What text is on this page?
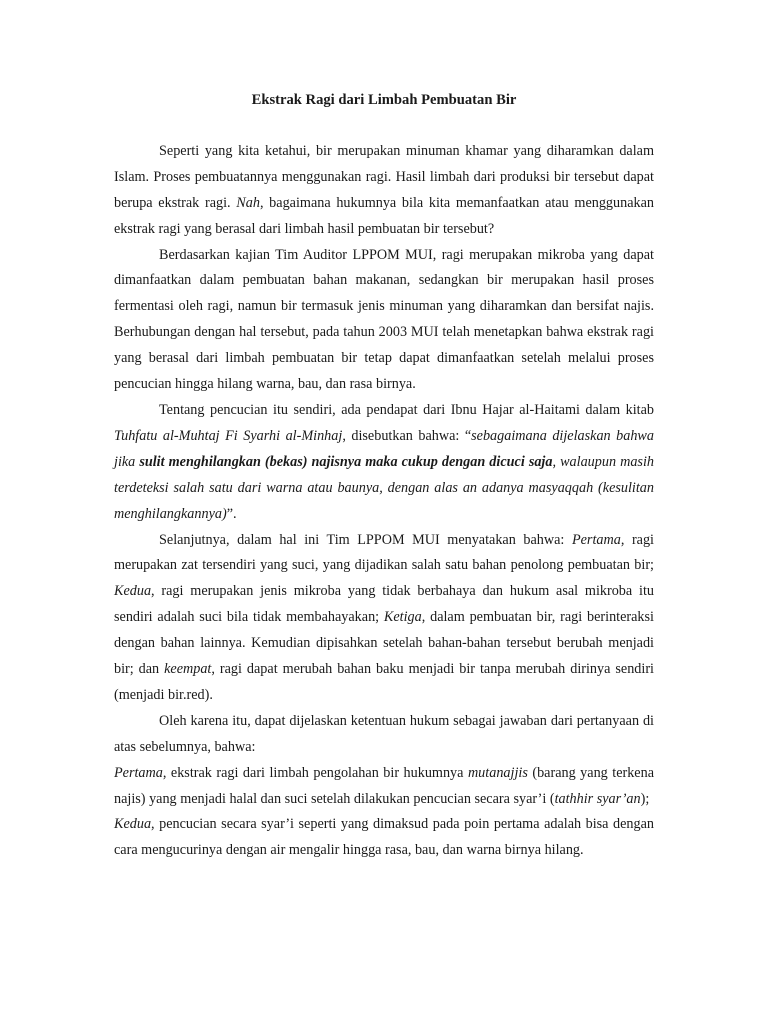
Ekstrak Ragi dari Limbah Pembuatan Bir

Seperti yang kita ketahui, bir merupakan minuman khamar yang diharamkan dalam Islam. Proses pembuatannya menggunakan ragi. Hasil limbah dari produksi bir tersebut dapat berupa ekstrak ragi. Nah, bagaimana hukumnya bila kita memanfaatkan atau menggunakan ekstrak ragi yang berasal dari limbah hasil pembuatan bir tersebut?

Berdasarkan kajian Tim Auditor LPPOM MUI, ragi merupakan mikroba yang dapat dimanfaatkan dalam pembuatan bahan makanan, sedangkan bir merupakan hasil proses fermentasi oleh ragi, namun bir termasuk jenis minuman yang diharamkan dan bersifat najis. Berhubungan dengan hal tersebut, pada tahun 2003 MUI telah menetapkan bahwa ekstrak ragi yang berasal dari limbah pembuatan bir tetap dapat dimanfaatkan setelah melalui proses pencucian hingga hilang warna, bau, dan rasa birnya.

Tentang pencucian itu sendiri, ada pendapat dari Ibnu Hajar al-Haitami dalam kitab Tuhfatu al-Muhtaj Fi Syarhi al-Minhaj, disebutkan bahwa: “sebagaimana dijelaskan bahwa jika sulit menghilangkan (bekas) najisnya maka cukup dengan dicuci saja, walaupun masih terdeteksi salah satu dari warna atau baunya, dengan alas an adanya masyaqqah (kesulitan menghilangkannya)”.

Selanjutnya, dalam hal ini Tim LPPOM MUI menyatakan bahwa: Pertama, ragi merupakan zat tersendiri yang suci, yang dijadikan salah satu bahan penolong pembuatan bir; Kedua, ragi merupakan jenis mikroba yang tidak berbahaya dan hukum asal mikroba itu sendiri adalah suci bila tidak membahayakan; Ketiga, dalam pembuatan bir, ragi berinteraksi dengan bahan lainnya. Kemudian dipisahkan setelah bahan-bahan tersebut berubah menjadi bir; dan keempat, ragi dapat merubah bahan baku menjadi bir tanpa merubah dirinya sendiri (menjadi bir.red).

Oleh karena itu, dapat dijelaskan ketentuan hukum sebagai jawaban dari pertanyaan di atas sebelumnya, bahwa:

Pertama, ekstrak ragi dari limbah pengolahan bir hukumnya mutanajjis (barang yang terkena najis) yang menjadi halal dan suci setelah dilakukan pencucian secara syar’i (tathhir syar’an);

Kedua, pencucian secara syar’i seperti yang dimaksud pada poin pertama adalah bisa dengan cara mengucurinya dengan air mengalir hingga rasa, bau, dan warna birnya hilang.
